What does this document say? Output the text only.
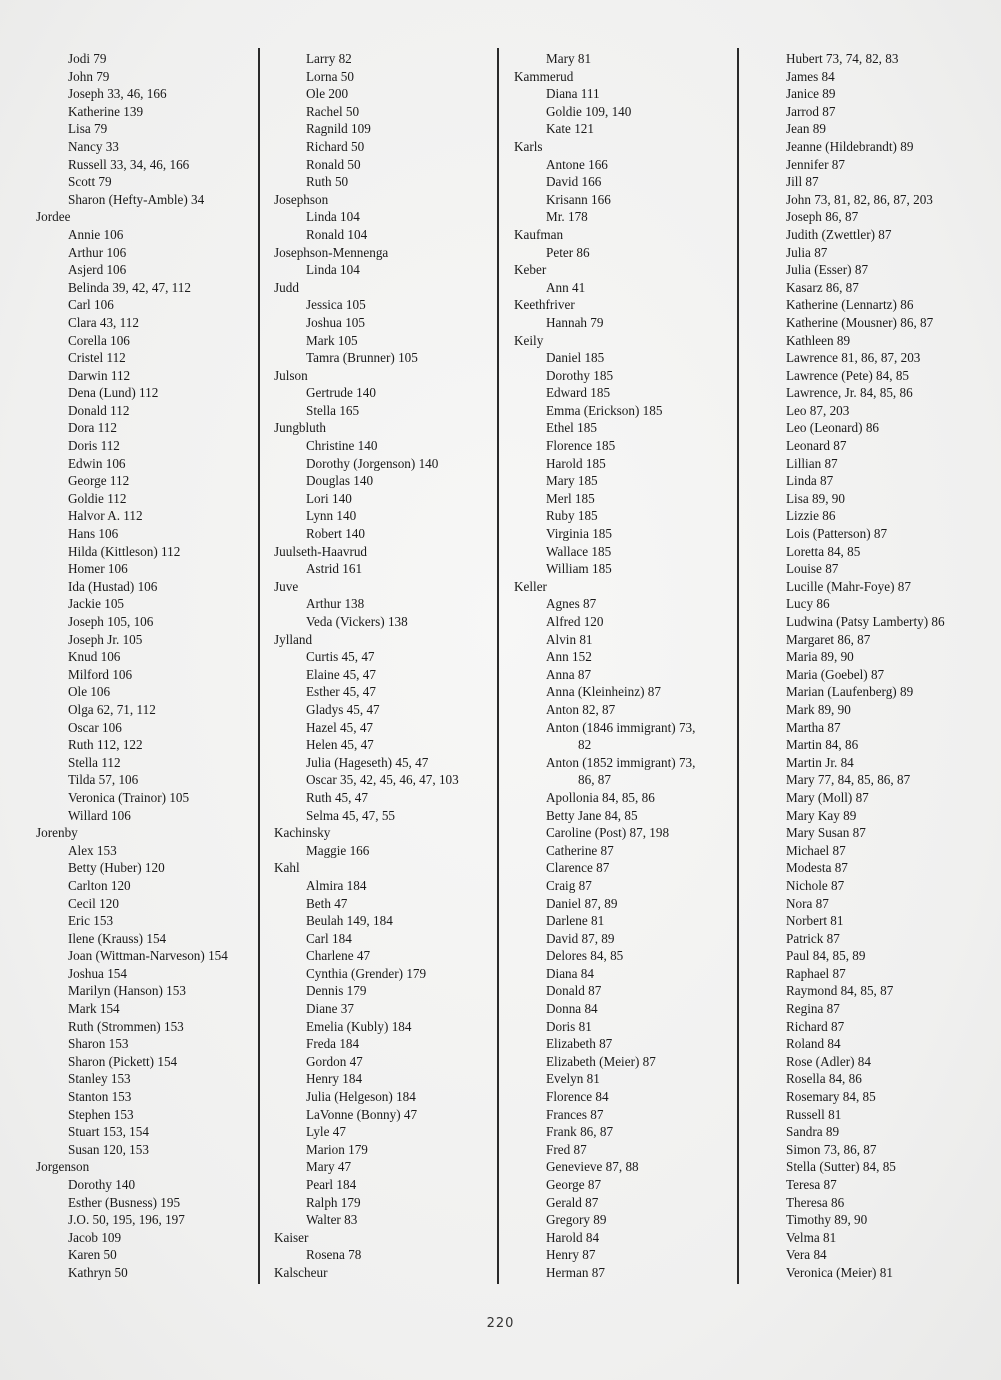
Jodi 79
John 79
Joseph 33, 46, 166
Katherine 139
Lisa 79
Nancy 33
Russell 33, 34, 46, 166
Scott 79
Sharon (Hefty-Amble) 34
Jordee
Annie 106
Arthur 106
Asjerd 106
Belinda 39, 42, 47, 112
Carl 106
Clara 43, 112
Corella 106
Cristel 112
Darwin 112
Dena (Lund) 112
Donald 112
Dora 112
Doris 112
Edwin 106
George 112
Goldie 112
Halvor A. 112
Hans 106
Hilda (Kittleson) 112
Homer 106
Ida (Hustad) 106
Jackie 105
Joseph 105, 106
Joseph Jr. 105
Knud 106
Milford 106
Ole 106
Olga 62, 71, 112
Oscar 106
Ruth 112, 122
Stella 112
Tilda 57, 106
Veronica (Trainor) 105
Willard 106
Jorenby
Alex 153
Betty (Huber) 120
Carlton 120
Cecil 120
Eric 153
Ilene (Krauss) 154
Joan (Wittman-Narveson) 154
Joshua 154
Marilyn (Hanson) 153
Mark 154
Ruth (Strommen) 153
Sharon 153
Sharon (Pickett) 154
Stanley 153
Stanton 153
Stephen 153
Stuart 153, 154
Susan 120, 153
Jorgenson
Dorothy 140
Esther (Busness) 195
J.O. 50, 195, 196, 197
Jacob 109
Karen 50
Kathryn 50
Larry 82
Lorna 50
Ole 200
Rachel 50
Ragnild 109
Richard 50
Ronald 50
Ruth 50
Josephson
Linda 104
Ronald 104
Josephson-Mennenga
Linda 104
Judd
Jessica 105
Joshua 105
Mark 105
Tamra (Brunner) 105
Julson
Gertrude 140
Stella 165
Jungbluth
Christine 140
Dorothy (Jorgenson) 140
Douglas 140
Lori 140
Lynn 140
Robert 140
Juulseth-Haavrud
Astrid 161
Juve
Arthur 138
Veda (Vickers) 138
Jylland
Curtis 45, 47
Elaine 45, 47
Esther 45, 47
Gladys 45, 47
Hazel 45, 47
Helen 45, 47
Julia (Hageseth) 45, 47
Oscar 35, 42, 45, 46, 47, 103
Ruth 45, 47
Selma 45, 47, 55
Kachinsky
Maggie 166
Kahl
Almira 184
Beth 47
Beulah 149, 184
Carl 184
Charlene 47
Cynthia (Grender) 179
Dennis 179
Diane 37
Emelia (Kubly) 184
Freda 184
Gordon 47
Henry 184
Julia (Helgeson) 184
LaVonne (Bonny) 47
Lyle 47
Marion 179
Mary 47
Pearl 184
Ralph 179
Walter 83
Kaiser
Rosena 78
Kalscheur
Mary 81
Kammerud
Diana 111
Goldie 109, 140
Kate 121
Karls
Antone 166
David 166
Krisann 166
Mr. 178
Kaufman
Peter 86
Keber
Ann 41
Keethfriver
Hannah 79
Keily
Daniel 185
Dorothy 185
Edward 185
Emma (Erickson) 185
Ethel 185
Florence 185
Harold 185
Mary 185
Merl 185
Ruby 185
Virginia 185
Wallace 185
William 185
Keller
Agnes 87
Alfred 120
Alvin 81
Ann 152
Anna 87
Anna (Kleinheinz) 87
Anton 82, 87
Anton (1846 immigrant) 73,
82
Anton (1852 immigrant) 73,
86, 87
Apollonia 84, 85, 86
Betty Jane 84, 85
Caroline (Post) 87, 198
Catherine 87
Clarence 87
Craig 87
Daniel 87, 89
Darlene 81
David 87, 89
Delores 84, 85
Diana 84
Donald 87
Donna 84
Doris 81
Elizabeth 87
Elizabeth (Meier) 87
Evelyn 81
Florence 84
Frances 87
Frank 86, 87
Fred 87
Genevieve 87, 88
George 87
Gerald 87
Gregory 89
Harold 84
Henry 87
Herman 87
Hubert 73, 74, 82, 83
James 84
Janice 89
Jarrod 87
Jean 89
Jeanne (Hildebrandt) 89
Jennifer 87
Jill 87
John 73, 81, 82, 86, 87, 203
Joseph 86, 87
Judith (Zwettler) 87
Julia 87
Julia (Esser) 87
Kasarz 86, 87
Katherine (Lennartz) 86
Katherine (Mousner) 86, 87
Kathleen 89
Lawrence 81, 86, 87, 203
Lawrence (Pete) 84, 85
Lawrence, Jr. 84, 85, 86
Leo 87, 203
Leo (Leonard) 86
Leonard 87
Lillian 87
Linda 87
Lisa 89, 90
Lizzie 86
Lois (Patterson) 87
Loretta 84, 85
Louise 87
Lucille (Mahr-Foye) 87
Lucy 86
Ludwina (Patsy Lamberty) 86
Margaret 86, 87
Maria 89, 90
Maria (Goebel) 87
Marian (Laufenberg) 89
Mark 89, 90
Martha 87
Martin 84, 86
Martin Jr. 84
Mary 77, 84, 85, 86, 87
Mary (Moll) 87
Mary Kay 89
Mary Susan 87
Michael 87
Modesta 87
Nichole 87
Nora 87
Norbert 81
Patrick 87
Paul 84, 85, 89
Raphael 87
Raymond 84, 85, 87
Regina 87
Richard 87
Roland 84
Rose (Adler) 84
Rosella 84, 86
Rosemary 84, 85
Russell 81
Sandra 89
Simon 73, 86, 87
Stella (Sutter) 84, 85
Teresa 87
Theresa 86
Timothy 89, 90
Velma 81
Vera 84
Veronica (Meier) 81
220
